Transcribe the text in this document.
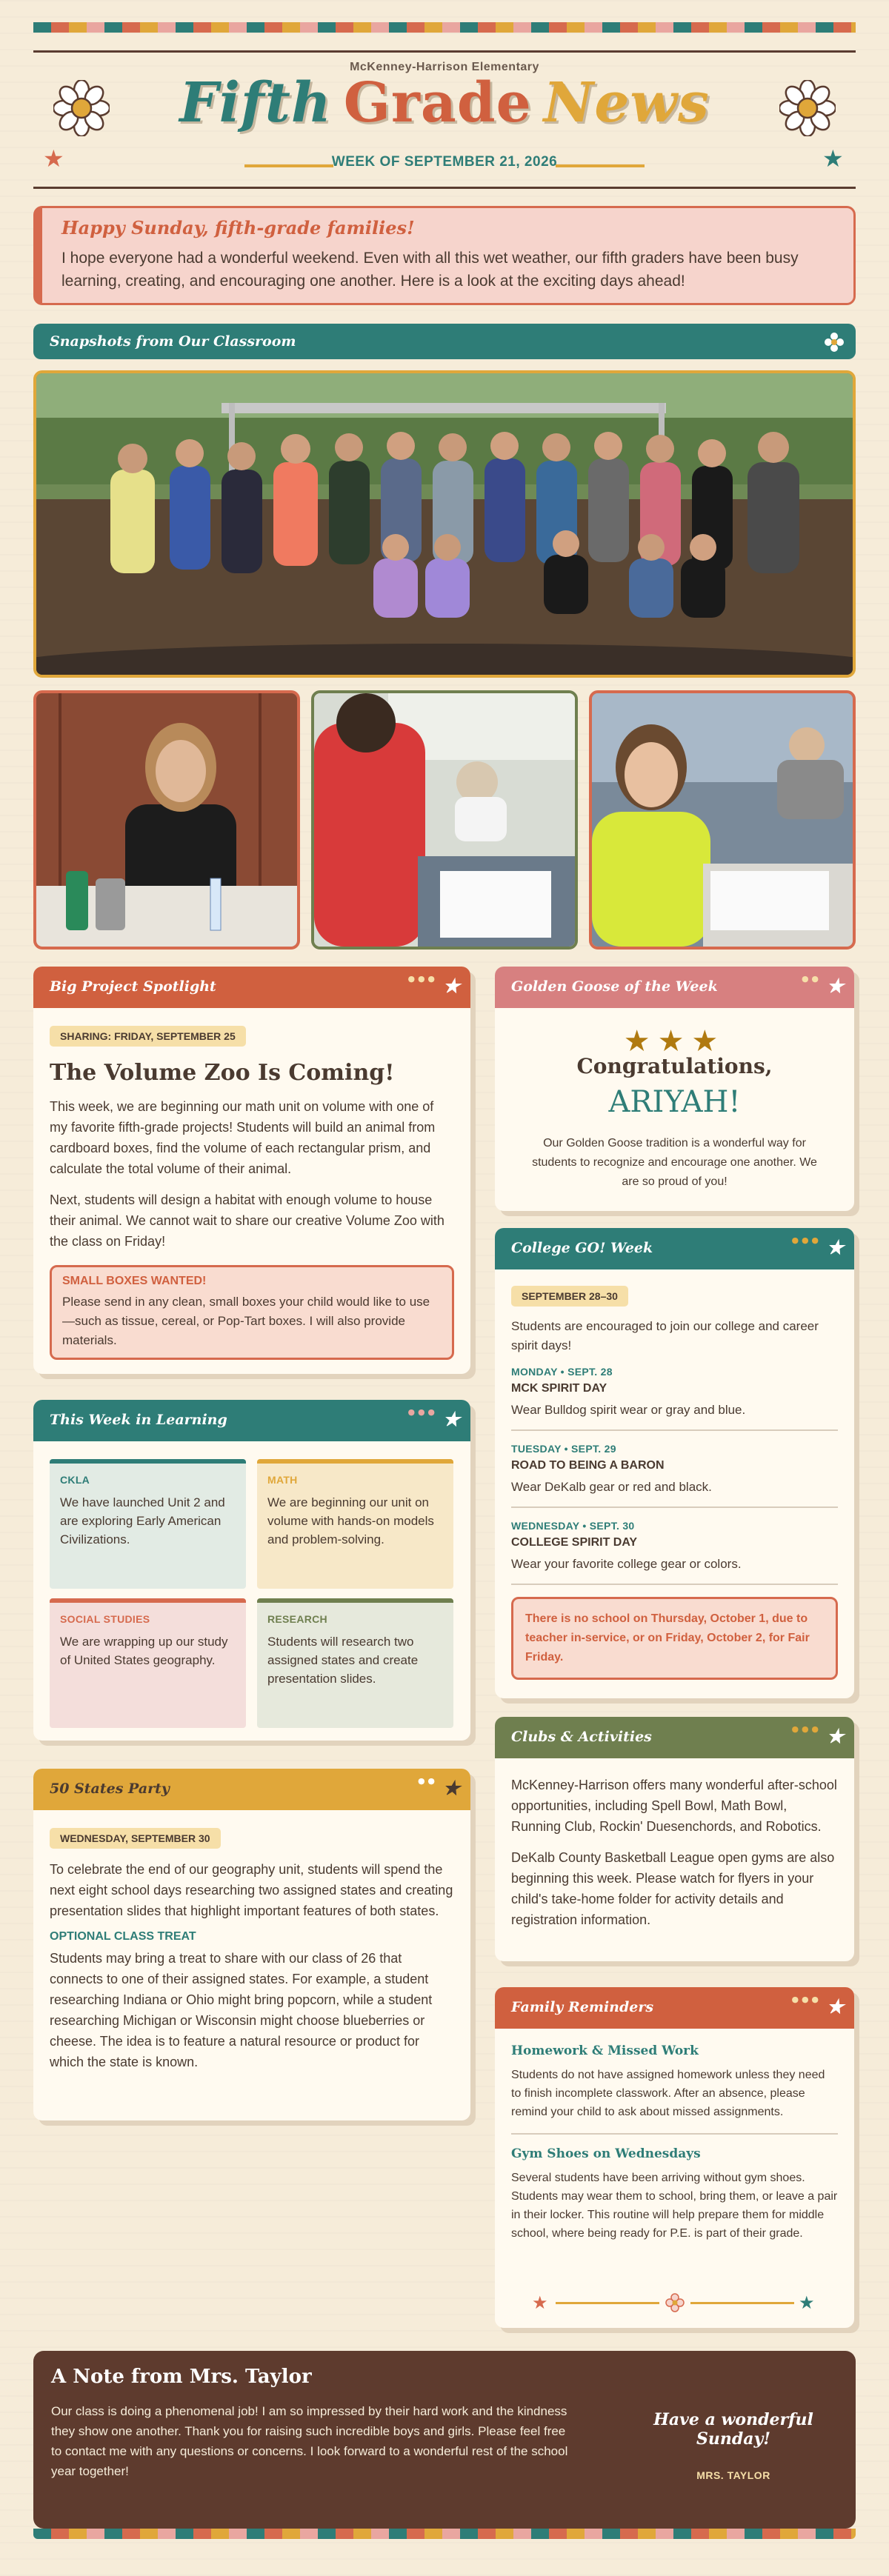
McKenney-Harrison Elementary
Fifth Grade News
★	★
WEEK OF SEPTEMBER 21, 2026
Happy Sunday, fifth-grade families!

I hope everyone had a wonderful weekend. Even with all this wet weather, our fifth graders have been busy learning, creating, and encouraging one another. Here is a look at the exciting days ahead!

Snapshots from Our Classroom
Big Project Spotlight	● ● ● ★
SHARING: FRIDAY, SEPTEMBER 25
The Volume Zoo Is Coming!

This week, we are beginning our math unit on volume with one of my favorite fifth-grade projects! Students will build an animal from cardboard boxes, find the volume of each rectangular prism, and calculate the total volume of their animal.

Next, students will design a habitat with enough volume to house their animal. We cannot wait to share our creative Volume Zoo with the class on Friday!

SMALL BOXES WANTED!
Please send in any clean, small boxes your child would like to use—such as tissue, cereal, or Pop-Tart boxes. I will also provide materials.
This Week in Learning	● ● ● ★
CKLA

We have launched Unit 2 and are exploring Early American Civilizations.

MATH

We are beginning our unit on volume with hands-on models and problem-solving.

SOCIAL STUDIES

We are wrapping up our study of United States geography.

RESEARCH

Students will research two assigned states and create presentation slides.

50 States Party	● ● ★
WEDNESDAY, SEPTEMBER 30

To celebrate the end of our geography unit, students will spend the next eight school days researching two assigned states and creating presentation slides that highlight important features of both states.

OPTIONAL CLASS TREAT

Students may bring a treat to share with our class of 26 that connects to one of their assigned states. For example, a student researching Indiana or Ohio might bring popcorn, while a student researching Michigan or Wisconsin might choose blueberries or cheese. The idea is to feature a natural resource or product for which the state is known.

Golden Goose of the Week	● ● ★
★★★
Congratulations,
ARIYAH!
Our Golden Goose tradition is a wonderful way for students to recognize and encourage one another. We are so proud of you!
College GO! Week	● ● ● ★
SEPTEMBER 28–30

Students are encouraged to join our college and career spirit days!

MONDAY • SEPT. 28
MCK SPIRIT DAY
Wear Bulldog spirit wear or gray and blue.
TUESDAY • SEPT. 29
ROAD TO BEING A BARON
Wear DeKalb gear or red and black.
WEDNESDAY • SEPT. 30
COLLEGE SPIRIT DAY
Wear your favorite college gear or colors.
There is no school on Thursday, October 1, due to teacher in-service, or on Friday, October 2, for Fair Friday.
Clubs & Activities	● ● ● ★

McKenney-Harrison offers many wonderful after-school opportunities, including Spell Bowl, Math Bowl, Running Club, Rockin' Duesenchords, and Robotics.

DeKalb County Basketball League open gyms are also beginning this week. Please watch for flyers in your child's take-home folder for activity details and registration information.

Family Reminders	● ● ● ★
Homework & Missed Work

Students do not have assigned homework unless they need to finish incomplete classwork. After an absence, please remind your child to ask about missed assignments.

Gym Shoes on Wednesdays

Several students have been arriving without gym shoes. Students may wear them to school, bring them, or leave a pair in their locker. This routine will help prepare them for middle school, where being ready for P.E. is part of their grade.

★	★
A Note from Mrs. Taylor
Our class is doing a phenomenal job! I am so impressed by their hard work and the kindness they show one another. Thank you for raising such incredible boys and girls. Please feel free to contact me with any questions or concerns. I look forward to a wonderful rest of the school year together!
Have a wonderful Sunday!
MRS. TAYLOR
